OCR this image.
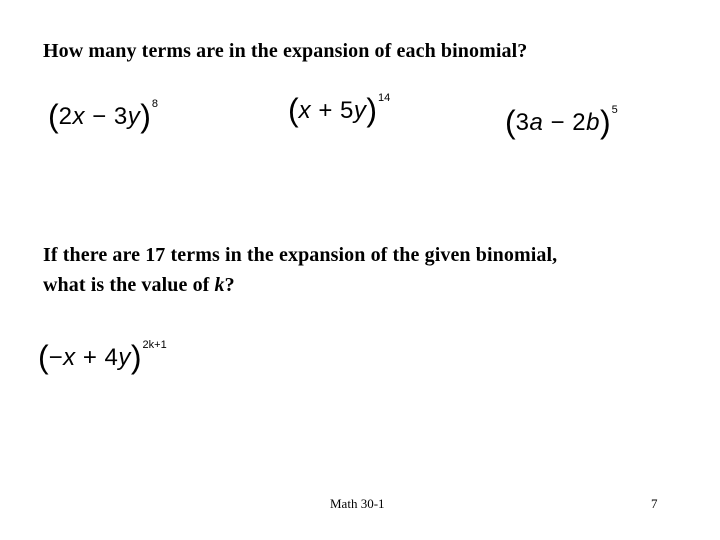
How many terms are in the expansion of each binomial?
$(2x - 3y)^8$	$(x + 5y)^{14}$
$(3a - 2b)^5$
If there are 17 terms in the expansion of the given binomial,
what is the value of k?
$(-x + 4y)^{2k+1}$
Math 30-1	7
